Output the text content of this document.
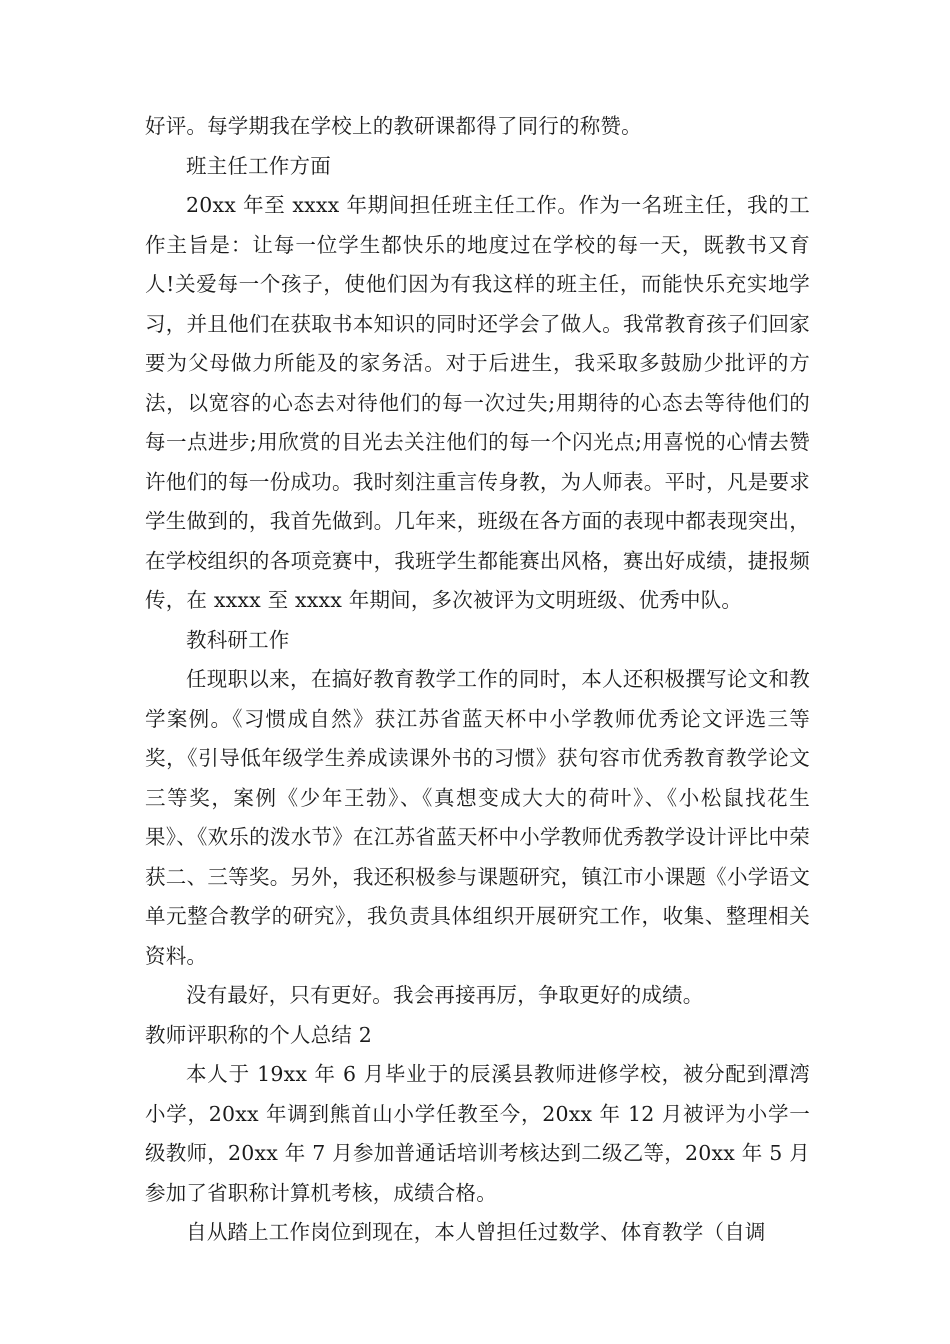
好评。每学期我在学校上的教研课都得了同行的称赞。

班主任工作方面

20xx 年至 xxxx 年期间担任班主任工作。作为一名班主任，我的工作主旨是：让每一位学生都快乐的地度过在学校的每一天，既教书又育人!关爱每一个孩子，使他们因为有我这样的班主任，而能快乐充实地学习，并且他们在获取书本知识的同时还学会了做人。我常教育孩子们回家要为父母做力所能及的家务活。对于后进生，我采取多鼓励少批评的方法，以宽容的心态去对待他们的每一次过失;用期待的心态去等待他们的每一点进步;用欣赏的目光去关注他们的每一个闪光点;用喜悦的心情去赞许他们的每一份成功。我时刻注重言传身教，为人师表。平时，凡是要求学生做到的，我首先做到。几年来，班级在各方面的表现中都表现突出，在学校组织的各项竞赛中，我班学生都能赛出风格，赛出好成绩，捷报频传，在 xxxx 至 xxxx 年期间，多次被评为文明班级、优秀中队。

教科研工作

任现职以来，在搞好教育教学工作的同时，本人还积极撰写论文和教学案例。《习惯成自然》获江苏省蓝天杯中小学教师优秀论文评选三等奖，《引导低年级学生养成读课外书的习惯》获句容市优秀教育教学论文三等奖，案例《少年王勃》、《真想变成大大的荷叶》、《小松鼠找花生果》、《欢乐的泼水节》在江苏省蓝天杯中小学教师优秀教学设计评比中荣获二、三等奖。另外，我还积极参与课题研究，镇江市小课题《小学语文单元整合教学的研究》，我负责具体组织开展研究工作，收集、整理相关资料。

没有最好，只有更好。我会再接再厉，争取更好的成绩。

教师评职称的个人总结 2

本人于 19xx 年 6 月毕业于的辰溪县教师进修学校，被分配到潭湾小学，20xx 年调到熊首山小学任教至今，20xx 年 12 月被评为小学一级教师，20xx 年 7 月参加普通话培训考核达到二级乙等，20xx 年 5 月参加了省职称计算机考核，成绩合格。

自从踏上工作岗位到现在，本人曾担任过数学、体育教学（自调
